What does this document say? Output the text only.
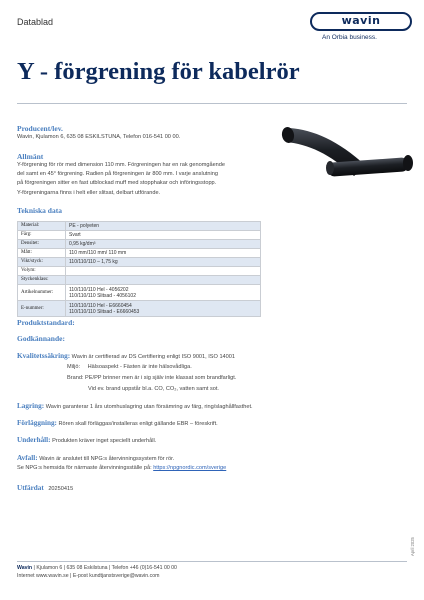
Datablad	wavin
An Orbia business.
Y - förgrening för kabelrör
Producent/lev.
Wavin, Kjulamon 6, 635 08 ESKILSTUNA, Telefon 016-541 00 00.
Allmänt
Y-förgrening för rör med dimension 110 mm. Förgreningen har en rak genomgående
del samt en 45° förgrening. Radien på förgreningen är 800 mm. I varje anslutning
på förgreningen sitter en fast utblockad muff med stopphakar och införingsstopp.
Y-förgreningarna finns i helt eller slitsat, delbart utförande.
Tekniska data
Material:	PE - polyeten
Färg:	Svart
Densitet:	0,95 kg/dm³
Mått:	110 mm/110 mm/ 110 mm
Vikt/styck:	110/110/110 – 1,75 kg
Volym:	
Styckenklass:	
Artikelnummer:	110/110/110 Hel - 4056202
110/110/110 Slitsad - 4056102

E-nummer:	110/110/110 Hel - E6660454
110/110/110 Slitsad - E6660453
Produktstandard:
Godkännande:
Kvalitetssäkring: Wavin är certifierad av DS Certifiering enligt ISO 9001, ISO 14001
Miljö: Hälsoaspekt - Fästen är inte hälsovådliga.
Brand: PE/PP brinner men är i sig själv inte klassat som brandfarligt.
Vid ev. brand uppstår bl.a. CO, CO₂, vatten samt sot.
Lagring: Wavin garanterar 1 års utomhuslagring utan försämring av färg, ring/slaghållfasthet.
Förläggning: Rören skall förläggas/installeras enligt gällande EBR – föreskrift.
Underhåll: Produkten kräver inget speciellt underhåll.
Avfall: Wavin är anslutet till NPG:s återvinningssystem för rör.
Se NPG:s hemsida för närmaste återvinningsställe på: https://npgnordic.com/sverige
Utfärdat 20250415
Wavin | Kjulamon 6 | 635 08 Eskilstuna | Telefon +46 (0)16-541 00 00
Internet www.wavin.se | E-post kundtjanstsverige@wavin.com
April 2025
